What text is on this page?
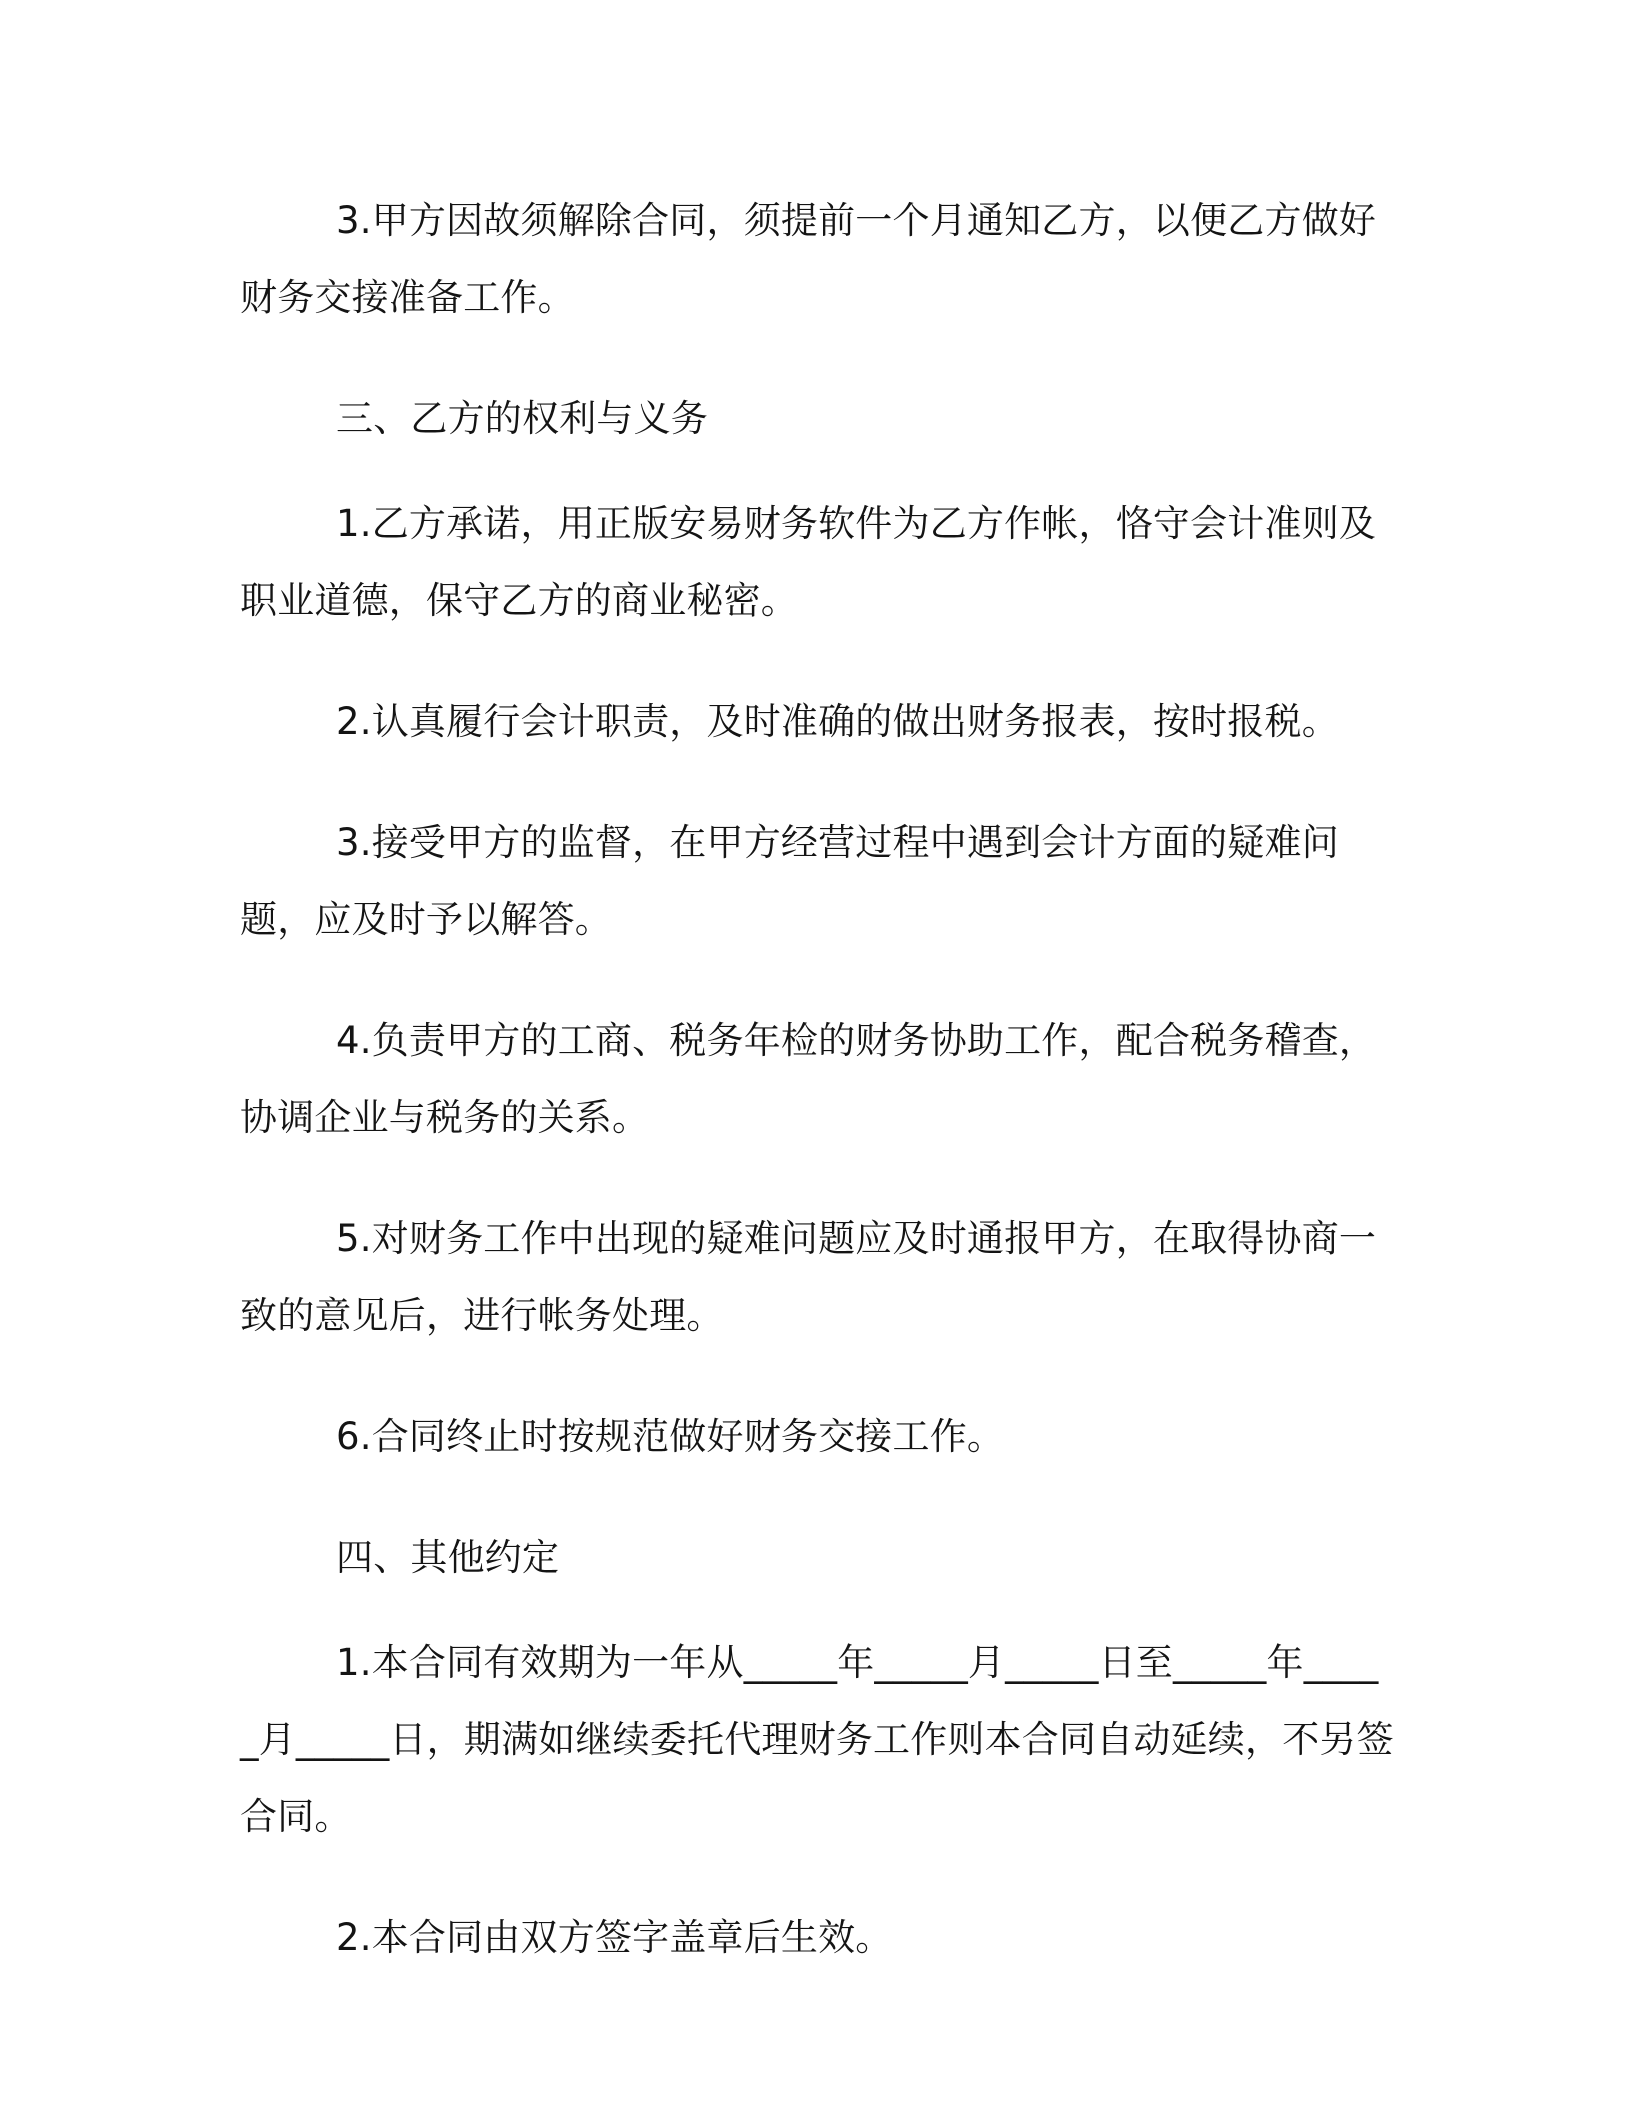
3.甲方因故须解除合同，须提前一个月通知乙方，以便乙方做好财务交接准备工作。

三、乙方的权利与义务

1.乙方承诺，用正版安易财务软件为乙方作帐，恪守会计准则及职业道德，保守乙方的商业秘密。

2.认真履行会计职责，及时准确的做出财务报表，按时报税。

3.接受甲方的监督，在甲方经营过程中遇到会计方面的疑难问题，应及时予以解答。

4.负责甲方的工商、税务年检的财务协助工作，配合税务稽查，协调企业与税务的关系。

5.对财务工作中出现的疑难问题应及时通报甲方，在取得协商一致的意见后，进行帐务处理。

6.合同终止时按规范做好财务交接工作。

四、其他约定

1.本合同有效期为一年从_____年_____月_____日至_____年_____月_____日，期满如继续委托代理财务工作则本合同自动延续，不另签合同。

2.本合同由双方签字盖章后生效。
